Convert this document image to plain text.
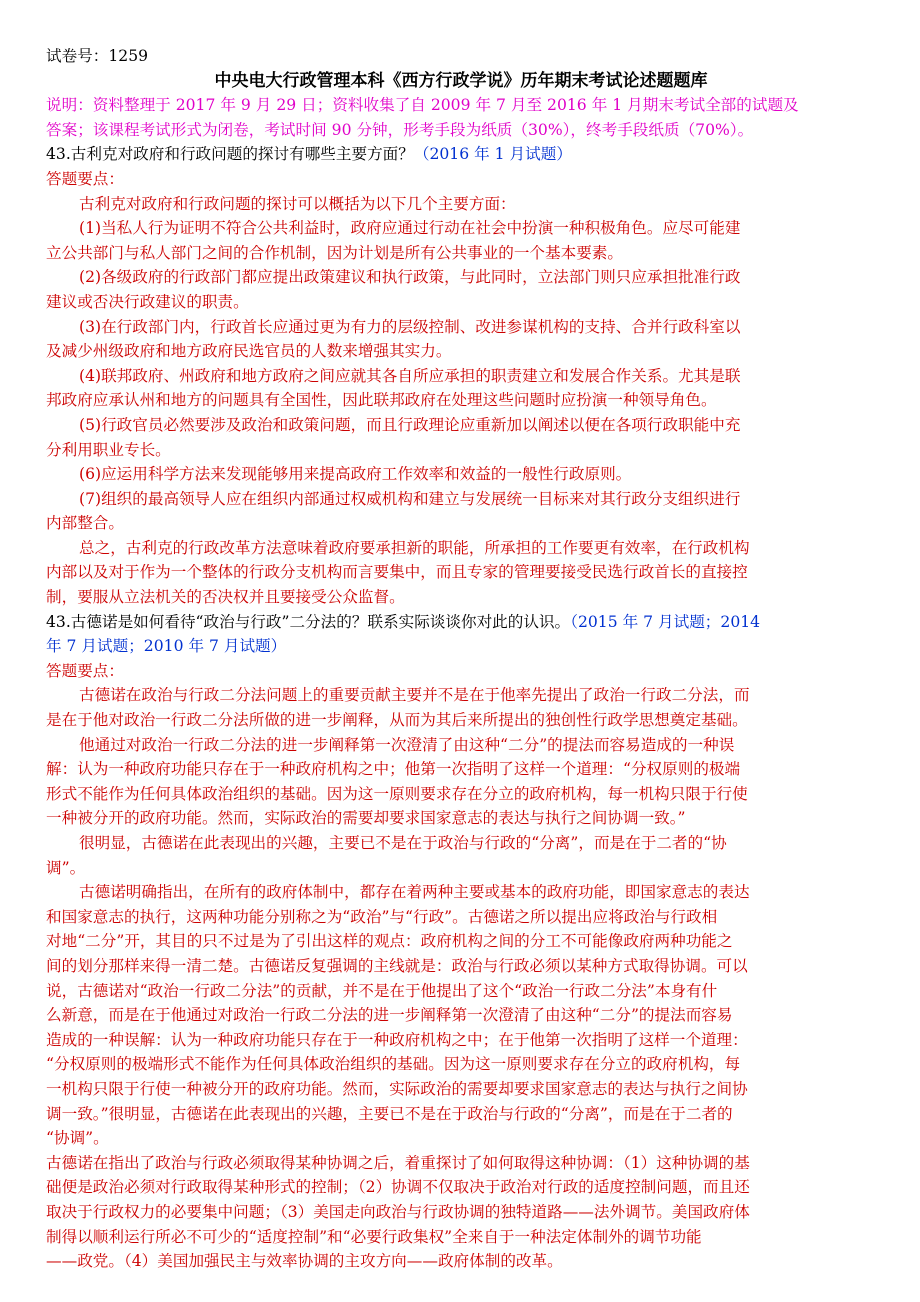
试卷号：1259
中央电大行政管理本科《西方行政学说》历年期末考试论述题题库
说明：资料整理于 2017 年 9 月 29 日；资料收集了自 2009 年 7 月至 2016 年 1 月期末考试全部的试题及
答案；该课程考试形式为闭卷，考试时间 90 分钟，形考手段为纸质（30%），终考手段纸质（70%）。
43.古利克对政府和行政问题的探讨有哪些主要方面？（2016 年 1 月试题）
答题要点：
古利克对政府和行政问题的探讨可以概括为以下几个主要方面：
(1)当私人行为证明不符合公共利益时，政府应通过行动在社会中扮演一种积极角色。应尽可能建
立公共部门与私人部门之间的合作机制，因为计划是所有公共事业的一个基本要素。
(2)各级政府的行政部门都应提出政策建议和执行政策，与此同时，立法部门则只应承担批准行政
建议或否决行政建议的职责。
(3)在行政部门内，行政首长应通过更为有力的层级控制、改进参谋机构的支持、合并行政科室以
及减少州级政府和地方政府民选官员的人数来增强其实力。
(4)联邦政府、州政府和地方政府之间应就其各自所应承担的职责建立和发展合作关系。尤其是联
邦政府应承认州和地方的问题具有全国性，因此联邦政府在处理这些问题时应扮演一种领导角色。
(5)行政官员必然要涉及政治和政策问题，而且行政理论应重新加以阐述以便在各项行政职能中充
分利用职业专长。
(6)应运用科学方法来发现能够用来提高政府工作效率和效益的一般性行政原则。
(7)组织的最高领导人应在组织内部通过权威机构和建立与发展统一目标来对其行政分支组织进行
内部整合。
总之，古利克的行政改革方法意味着政府要承担新的职能，所承担的工作要更有效率，在行政机构
内部以及对于作为一个整体的行政分支机构而言要集中，而且专家的管理要接受民选行政首长的直接控
制，要服从立法机关的否决权并且要接受公众监督。
43.古德诺是如何看待“政治与行政”二分法的？联系实际谈谈你对此的认识。（2015 年 7 月试题；2014
年 7 月试题；2010 年 7 月试题）
答题要点：
古德诺在政治与行政二分法问题上的重要贡献主要并不是在于他率先提出了政治一行政二分法，而
是在于他对政治一行政二分法所做的进一步阐释，从而为其后来所提出的独创性行政学思想奠定基础。
他通过对政治一行政二分法的进一步阐释第一次澄清了由这种“二分”的提法而容易造成的一种误
解：认为一种政府功能只存在于一种政府机构之中；他第一次指明了这样一个道理：“分权原则的极端
形式不能作为任何具体政治组织的基础。因为这一原则要求存在分立的政府机构，每一机构只限于行使
一种被分开的政府功能。然而，实际政治的需要却要求国家意志的表达与执行之间协调一致。”
很明显，古德诺在此表现出的兴趣，主要已不是在于政治与行政的“分离”，而是在于二者的“协
调”。
古德诺明确指出，在所有的政府体制中，都存在着两种主要或基本的政府功能，即国家意志的表达
和国家意志的执行，这两种功能分别称之为“政治”与“行政”。古德诺之所以提出应将政治与行政相
对地“二分”开，其目的只不过是为了引出这样的观点：政府机构之间的分工不可能像政府两种功能之
间的划分那样来得一清二楚。古德诺反复强调的主线就是：政治与行政必须以某种方式取得协调。可以
说，古德诺对“政治一行政二分法”的贡献，并不是在于他提出了这个“政治一行政二分法”本身有什
么新意，而是在于他通过对政治一行政二分法的进一步阐释第一次澄清了由这种“二分”的提法而容易
造成的一种误解：认为一种政府功能只存在于一种政府机构之中；在于他第一次指明了这样一个道理：
“分权原则的极端形式不能作为任何具体政治组织的基础。因为这一原则要求存在分立的政府机构，每
一机构只限于行使一种被分开的政府功能。然而，实际政治的需要却要求国家意志的表达与执行之间协
调一致。”很明显，古德诺在此表现出的兴趣，主要已不是在于政治与行政的“分离”，而是在于二者的
“协调”。
古德诺在指出了政治与行政必须取得某种协调之后，着重探讨了如何取得这种协调：（1）这种协调的基
础便是政治必须对行政取得某种形式的控制；（2）协调不仅取决于政治对行政的适度控制问题，而且还
取决于行政权力的必要集中问题；（3）美国走向政治与行政协调的独特道路——法外调节。美国政府体
制得以顺利运行所必不可少的“适度控制”和“必要行政集权”全来自于一种法定体制外的调节功能
——政党。（4）美国加强民主与效率协调的主攻方向——政府体制的改革。
